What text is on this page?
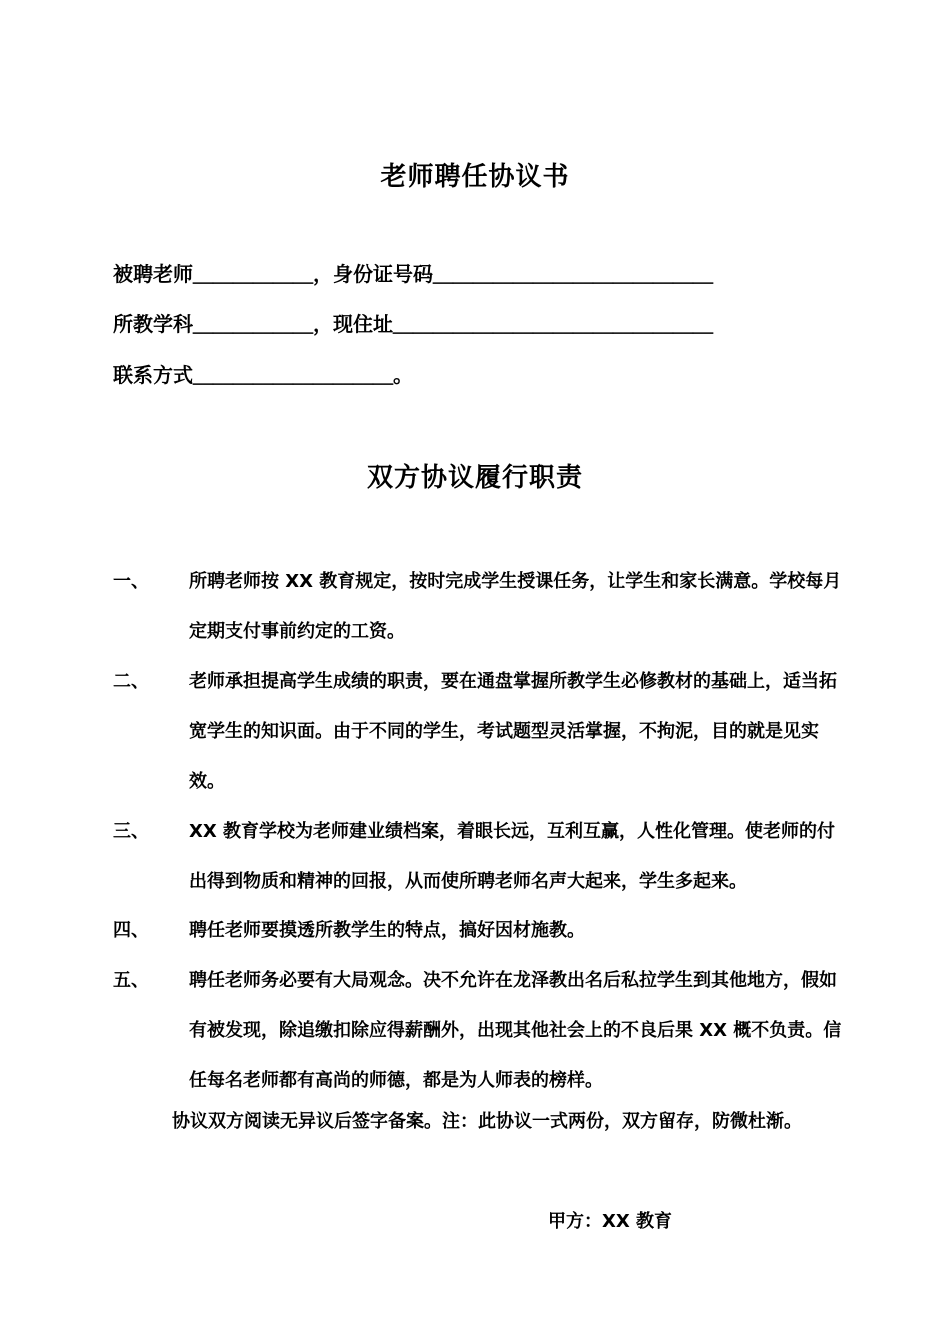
老师聘任协议书
被聘老师＿＿＿＿＿＿，身份证号码＿＿＿＿＿＿＿＿＿＿＿＿＿＿
所教学科＿＿＿＿＿＿，现住址＿＿＿＿＿＿＿＿＿＿＿＿＿＿＿＿
联系方式＿＿＿＿＿＿＿＿＿＿。
双方协议履行职责
一、 所聘老师按 XX 教育规定，按时完成学生授课任务，让学生和家长满意。学校每月定期支付事前约定的工资。
二、 老师承担提高学生成绩的职责，要在通盘掌握所教学生必修教材的基础上，适当拓宽学生的知识面。由于不同的学生，考试题型灵活掌握，不拘泥，目的就是见实效。
三、 XX 教育学校为老师建业绩档案，着眼长远，互利互赢，人性化管理。使老师的付出得到物质和精神的回报，从而使所聘老师名声大起来，学生多起来。
四、 聘任老师要摸透所教学生的特点，搞好因材施教。
五、 聘任老师务必要有大局观念。决不允许在龙泽教出名后私拉学生到其他地方，假如有被发现，除追缴扣除应得薪酬外，出现其他社会上的不良后果 XX 概不负责。信任每名老师都有高尚的师德，都是为人师表的榜样。
协议双方阅读无异议后签字备案。注：此协议一式两份，双方留存，防微杜渐。
甲方：XX 教育
